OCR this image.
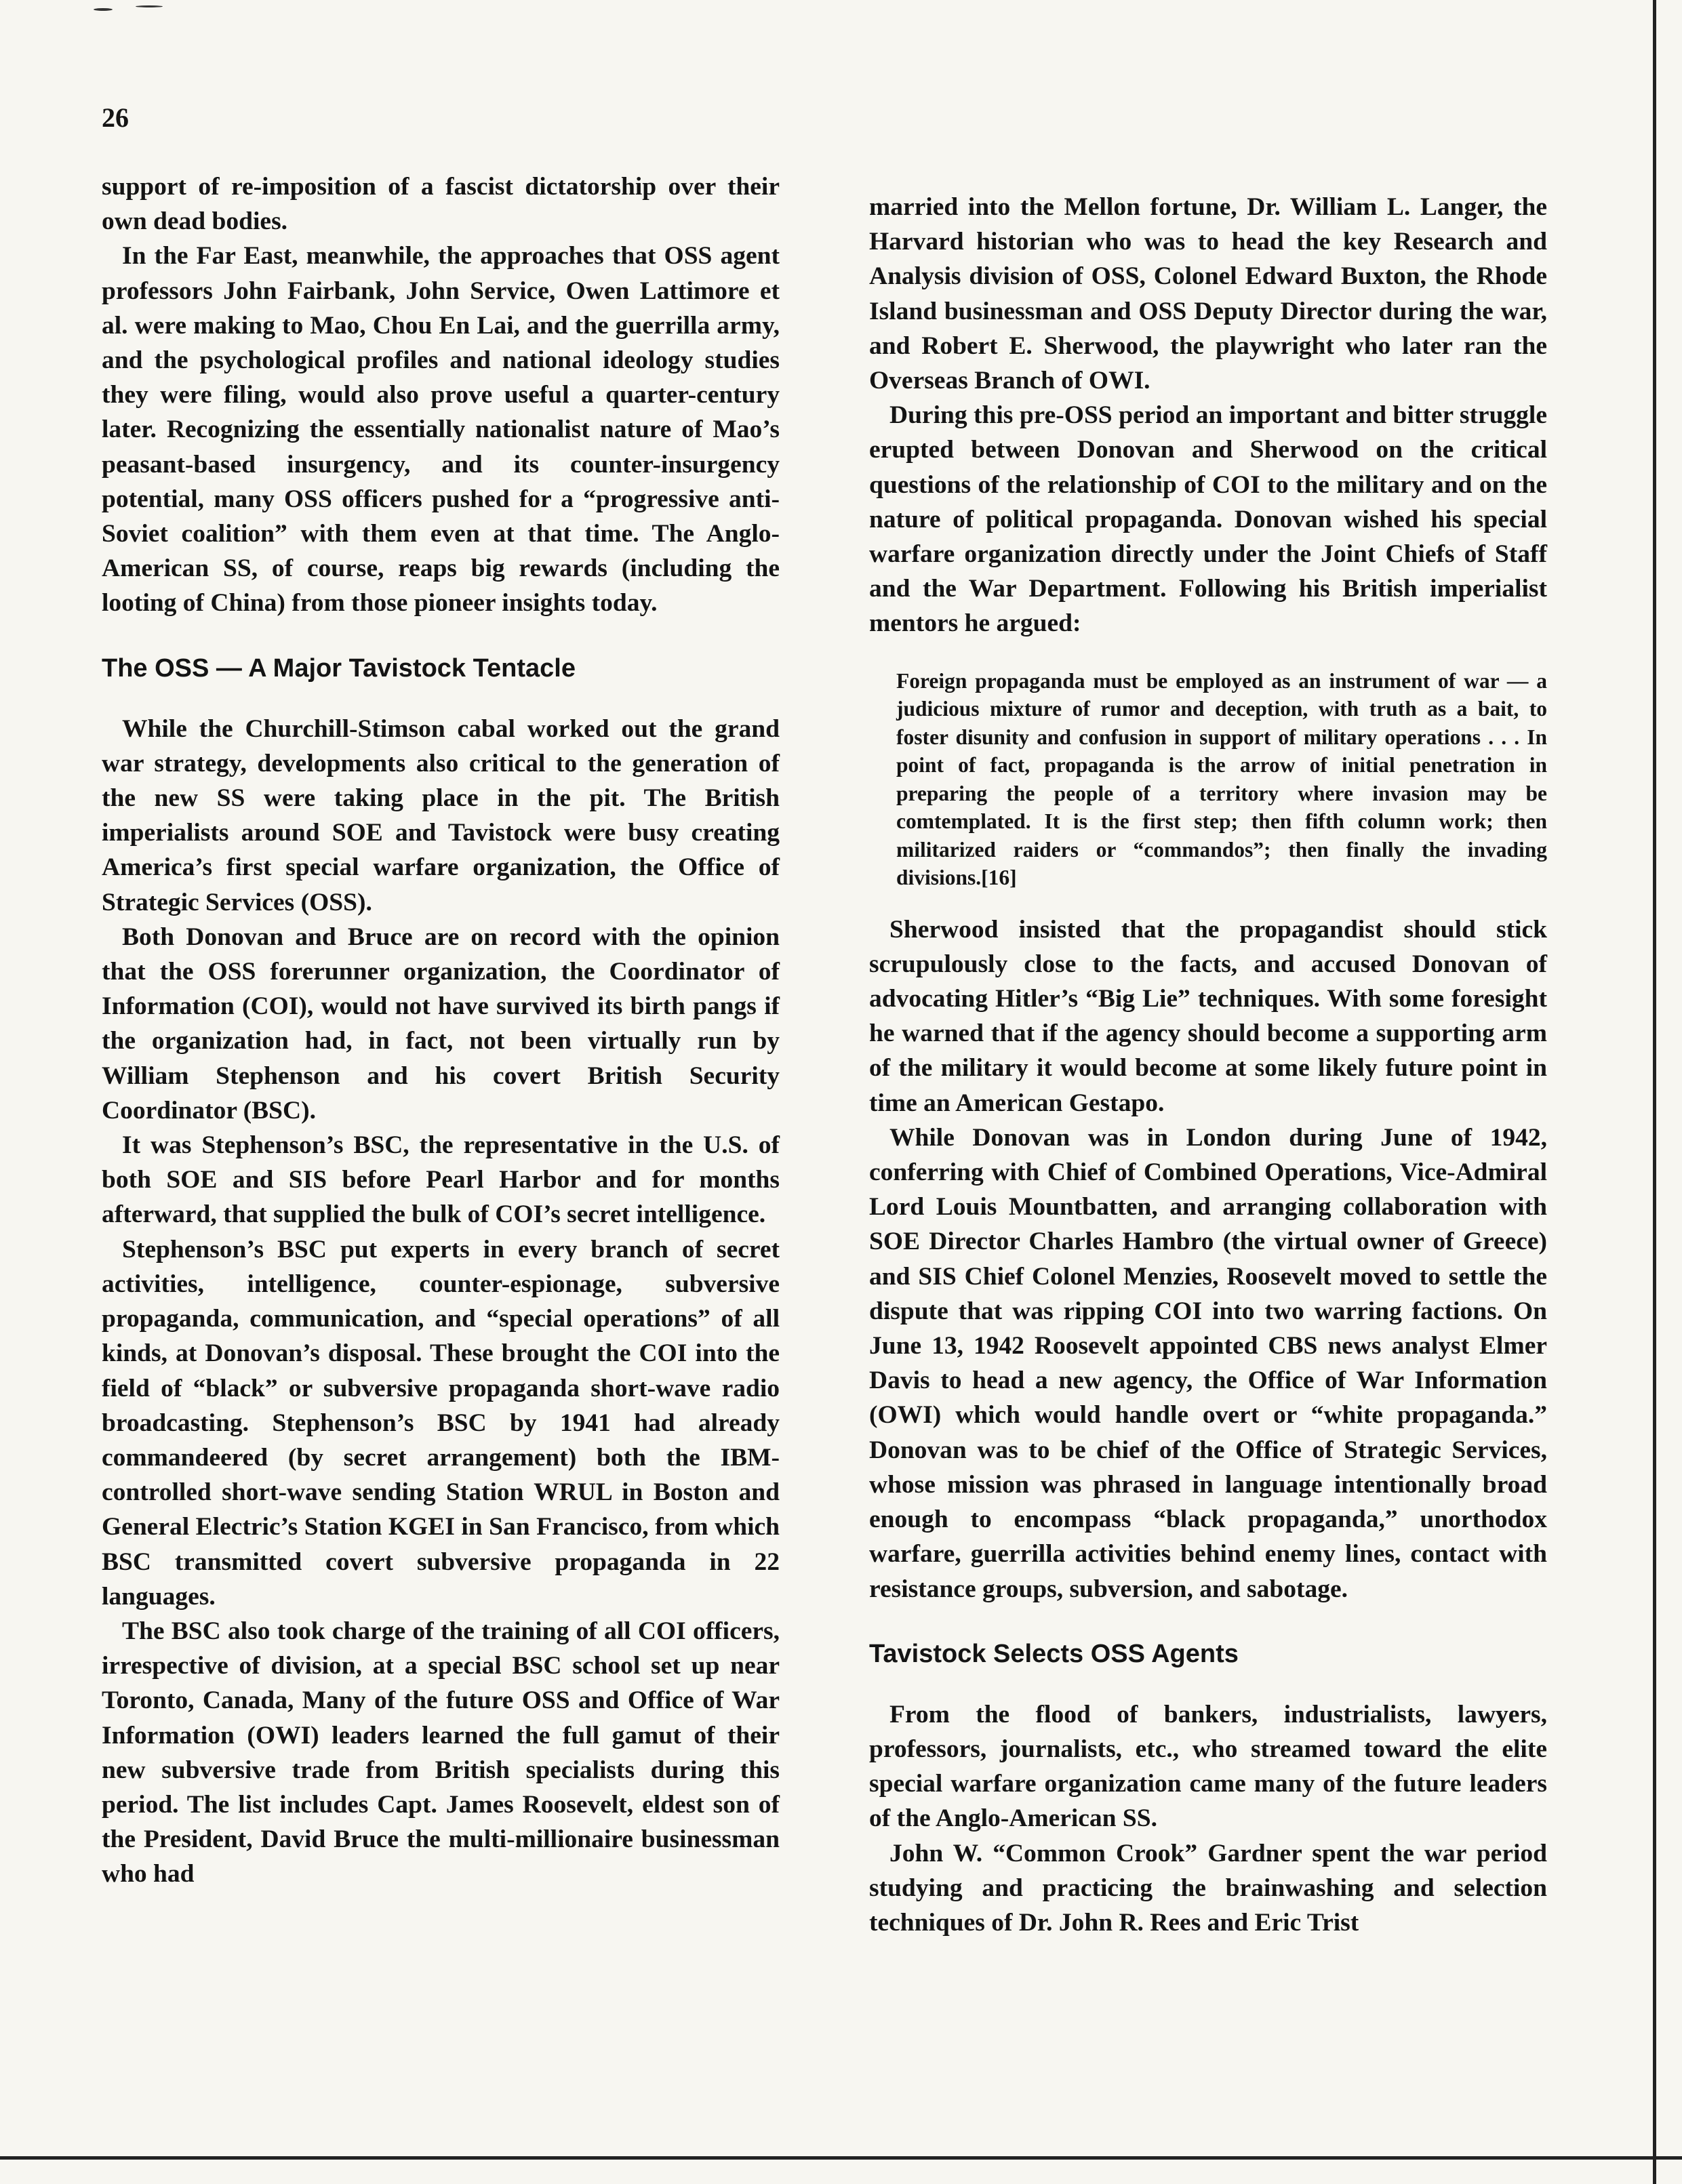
26

support of re-imposition of a fascist dictatorship over their own dead bodies.

In the Far East, meanwhile, the approaches that OSS agent professors John Fairbank, John Service, Owen Lattimore et al. were making to Mao, Chou En Lai, and the guerrilla army, and the psychological profiles and national ideology studies they were filing, would also prove useful a quarter-century later. Recognizing the essentially nationalist nature of Mao’s peasant-based insurgency, and its counter-insurgency potential, many OSS officers pushed for a “progressive anti-Soviet coalition” with them even at that time. The Anglo-American SS, of course, reaps big rewards (including the looting of China) from those pioneer insights today.

The OSS — A Major Tavistock Tentacle

While the Churchill-Stimson cabal worked out the grand war strategy, developments also critical to the generation of the new SS were taking place in the pit. The British imperialists around SOE and Tavistock were busy creating America’s first special warfare organization, the Office of Strategic Services (OSS).

Both Donovan and Bruce are on record with the opinion that the OSS forerunner organization, the Coordinator of Information (COI), would not have survived its birth pangs if the organization had, in fact, not been virtually run by William Stephenson and his covert British Security Coordinator (BSC).

It was Stephenson’s BSC, the representative in the U.S. of both SOE and SIS before Pearl Harbor and for months afterward, that supplied the bulk of COI’s secret intelligence.

Stephenson’s BSC put experts in every branch of secret activities, intelligence, counter-espionage, subversive propaganda, communication, and “special operations” of all kinds, at Donovan’s disposal. These brought the COI into the field of “black” or subversive propaganda short-wave radio broadcasting. Stephenson’s BSC by 1941 had already commandeered (by secret arrangement) both the IBM-controlled short-wave sending Station WRUL in Boston and General Electric’s Station KGEI in San Francisco, from which BSC transmitted covert subversive propaganda in 22 languages.

The BSC also took charge of the training of all COI officers, irrespective of division, at a special BSC school set up near Toronto, Canada, Many of the future OSS and Office of War Information (OWI) leaders learned the full gamut of their new subversive trade from British specialists during this period. The list includes Capt. James Roosevelt, eldest son of the President, David Bruce the multi-millionaire businessman who had

married into the Mellon fortune, Dr. William L. Langer, the Harvard historian who was to head the key Research and Analysis division of OSS, Colonel Edward Buxton, the Rhode Island businessman and OSS Deputy Director during the war, and Robert E. Sherwood, the playwright who later ran the Overseas Branch of OWI.

During this pre-OSS period an important and bitter struggle erupted between Donovan and Sherwood on the critical questions of the relationship of COI to the military and on the nature of political propaganda. Donovan wished his special warfare organization directly under the Joint Chiefs of Staff and the War Department. Following his British imperialist mentors he argued:

Foreign propaganda must be employed as an instrument of war — a judicious mixture of rumor and deception, with truth as a bait, to foster disunity and confusion in support of military operations . . . In point of fact, propaganda is the arrow of initial penetration in preparing the people of a territory where invasion may be comtemplated. It is the first step; then fifth column work; then militarized raiders or “commandos”; then finally the invading divisions.[16]

Sherwood insisted that the propagandist should stick scrupulously close to the facts, and accused Donovan of advocating Hitler’s “Big Lie” techniques. With some foresight he warned that if the agency should become a supporting arm of the military it would become at some likely future point in time an American Gestapo.

While Donovan was in London during June of 1942, conferring with Chief of Combined Operations, Vice-Admiral Lord Louis Mountbatten, and arranging collaboration with SOE Director Charles Hambro (the virtual owner of Greece) and SIS Chief Colonel Menzies, Roosevelt moved to settle the dispute that was ripping COI into two warring factions. On June 13, 1942 Roosevelt appointed CBS news analyst Elmer Davis to head a new agency, the Office of War Information (OWI) which would handle overt or “white propaganda.” Donovan was to be chief of the Office of Strategic Services, whose mission was phrased in language intentionally broad enough to encompass “black propaganda,” unorthodox warfare, guerrilla activities behind enemy lines, contact with resistance groups, subversion, and sabotage.

Tavistock Selects OSS Agents

From the flood of bankers, industrialists, lawyers, professors, journalists, etc., who streamed toward the elite special warfare organization came many of the future leaders of the Anglo-American SS.

John W. “Common Crook” Gardner spent the war period studying and practicing the brainwashing and selection techniques of Dr. John R. Rees and Eric Trist
